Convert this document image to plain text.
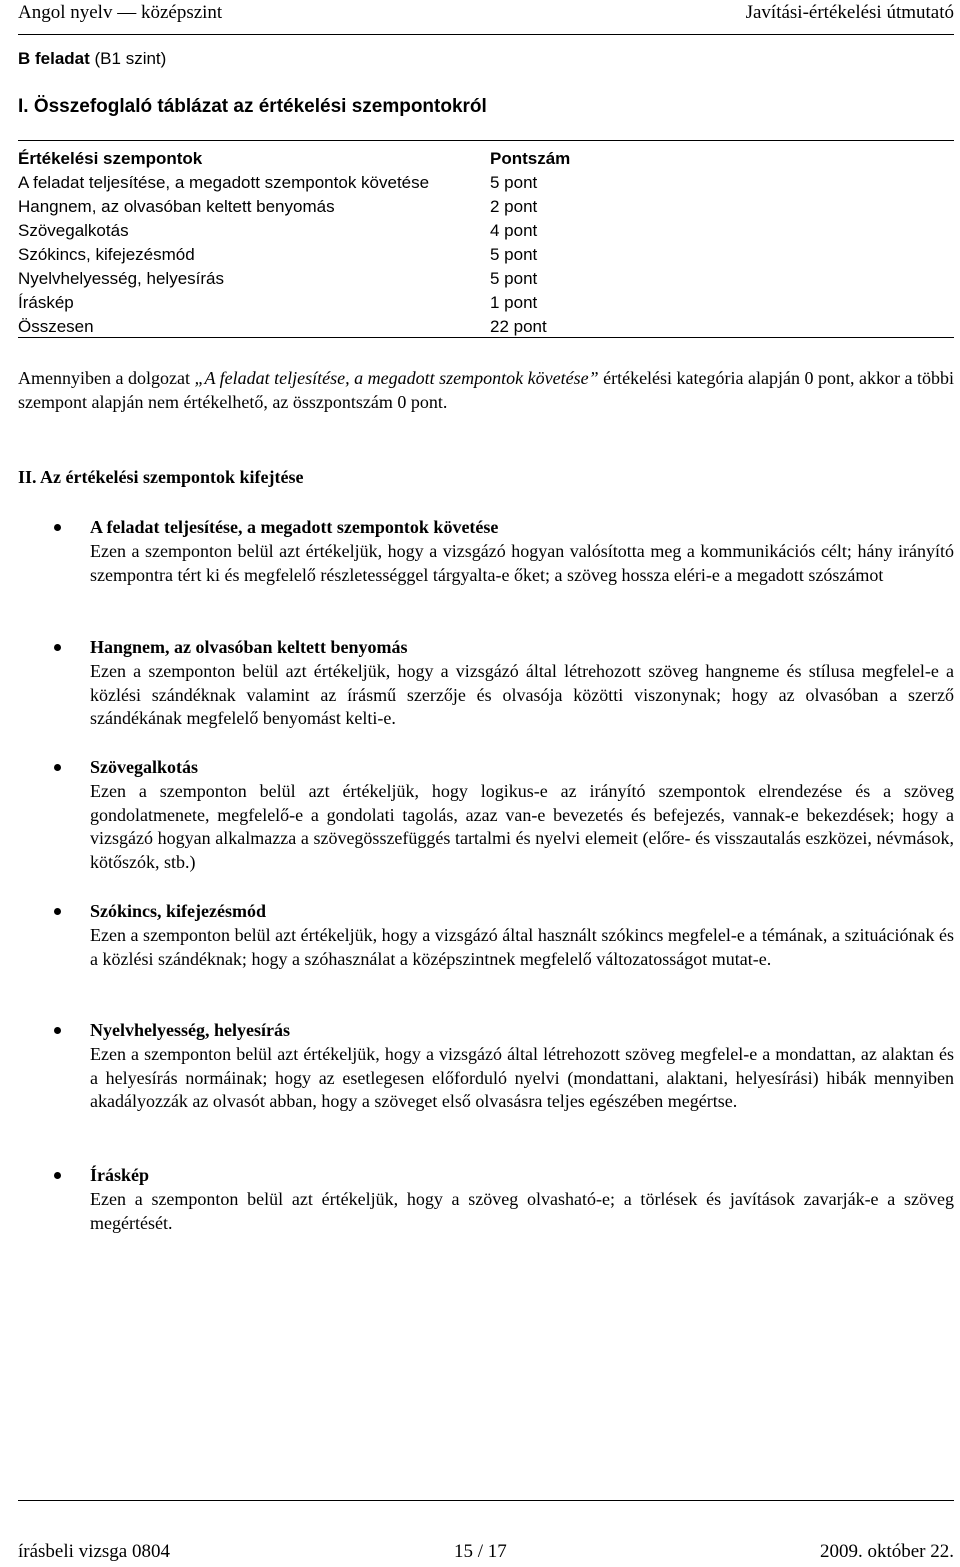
Angol nyelv — középszint	Javítási-értékelési útmutató
B feladat (B1 szint)
I. Összefoglaló táblázat az értékelési szempontokról
Értékelési szempontok	Pontszám
A feladat teljesítése, a megadott szempontok követése	5 pont
Hangnem, az olvasóban keltett benyomás	2 pont
Szövegalkotás	4 pont
Szókincs, kifejezésmód	5 pont
Nyelvhelyesség, helyesírás	5 pont
Íráskép	1 pont
Összesen	22 pont
Amennyiben a dolgozat „A feladat teljesítése, a megadott szempontok követése” értékelési kategória alapján 0 pont, akkor a többi szempont alapján nem értékelhető, az összpontszám 0 pont.
II. Az értékelési szempontok kifejtése
A feladat teljesítése, a megadott szempontok követése
Ezen a szemponton belül azt értékeljük, hogy a vizsgázó hogyan valósította meg a kommunikációs célt; hány irányító szempontra tért ki és megfelelő részletességgel tárgyalta-e őket; a szöveg hossza eléri-e a megadott szószámot
Hangnem, az olvasóban keltett benyomás
Ezen a szemponton belül azt értékeljük, hogy a vizsgázó által létrehozott szöveg hangneme és stílusa megfelel-e a közlési szándéknak valamint az írásmű szerzője és olvasója közötti viszonynak; hogy az olvasóban a szerző szándékának megfelelő benyomást kelti-e.
Szövegalkotás
Ezen a szemponton belül azt értékeljük, hogy logikus-e az irányító szempontok elrendezése és a szöveg gondolatmenete, megfelelő-e a gondolati tagolás, azaz van-e bevezetés és befejezés, vannak-e bekezdések; hogy a vizsgázó hogyan alkalmazza a szövegösszefüggés tartalmi és nyelvi elemeit (előre- és visszautalás eszközei, névmások, kötőszók, stb.)
Szókincs, kifejezésmód
Ezen a szemponton belül azt értékeljük, hogy a vizsgázó által használt szókincs megfelel-e a témának, a szituációnak és a közlési szándéknak; hogy a szóhasználat a középszintnek megfelelő változatosságot mutat-e.
Nyelvhelyesség, helyesírás
Ezen a szemponton belül azt értékeljük, hogy a vizsgázó által létrehozott szöveg megfelel-e a mondattan, az alaktan és a helyesírás normáinak; hogy az esetlegesen előforduló nyelvi (mondattani, alaktani, helyesírási) hibák mennyiben akadályozzák az olvasót abban, hogy a szöveget első olvasásra teljes egészében megértse.
Íráskép
Ezen a szemponton belül azt értékeljük, hogy a szöveg olvasható-e; a törlések és javítások zavarják-e a szöveg megértését.
írásbeli vizsga 0804	15 / 17	2009. október 22.
